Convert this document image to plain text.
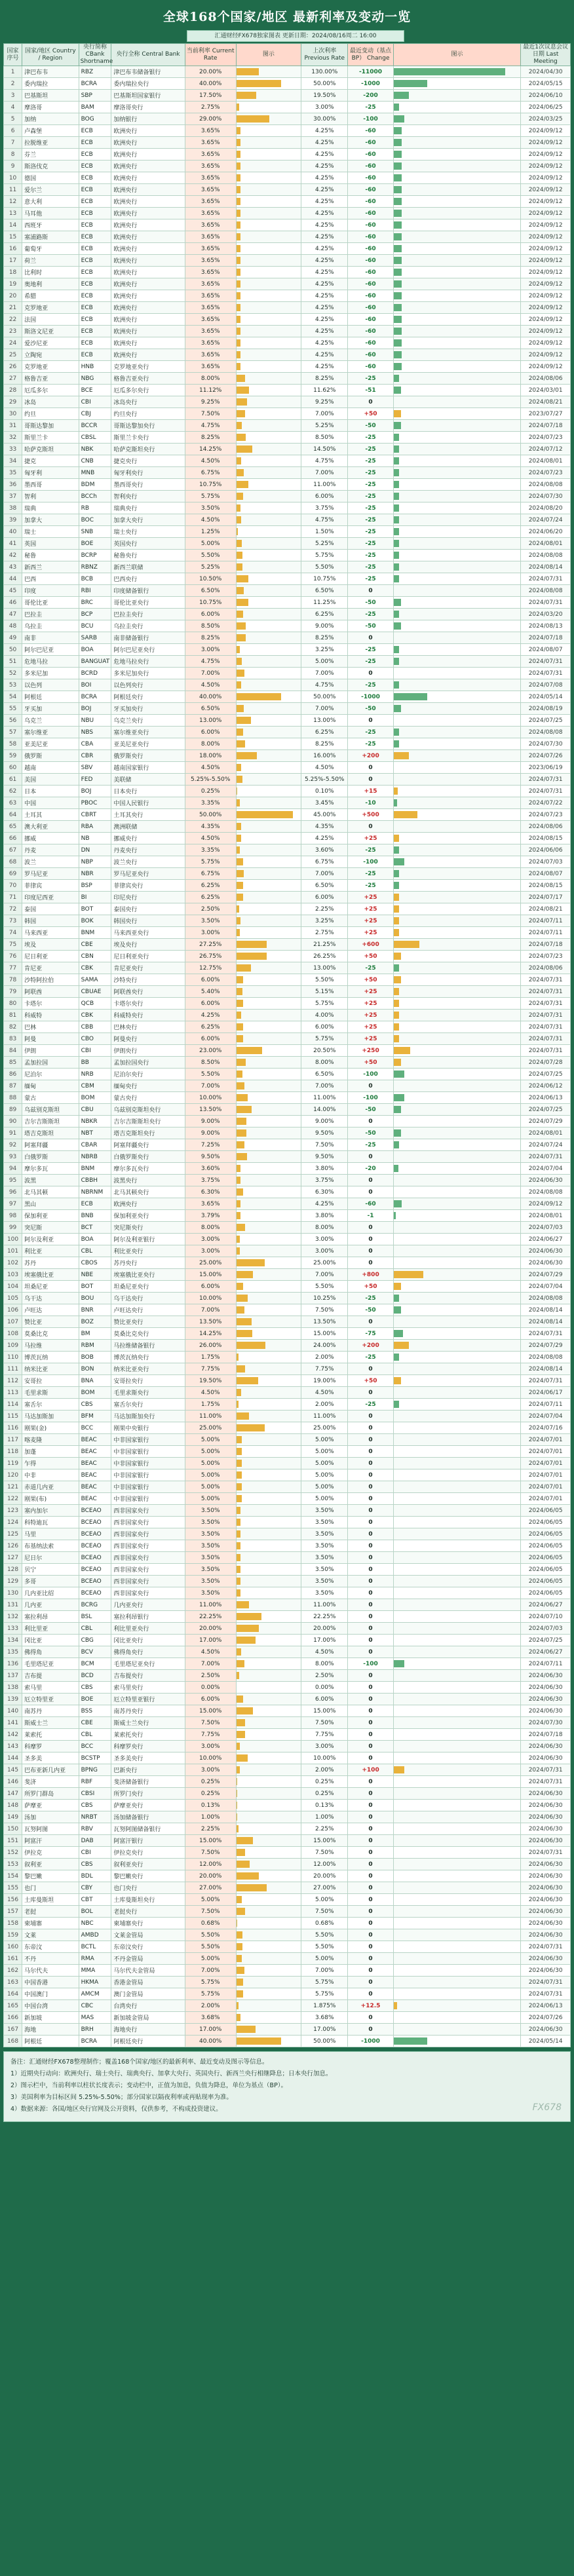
全球168个国家/地区 最新利率及变动一览
汇通财经FX678独家图表 更新日期：2024/08/16周二 16:00
国家序号	国家/地区 Country / Region	央行简称 CBank Shortname	央行全称 Central Bank	当前利率 Current Rate	图示	上次利率 Previous Rate	最近变动（基点 BP） Change	图示	最近1次议息会议日期 Last Meeting
1	津巴布韦	RBZ	津巴布韦储备银行	20.00%		130.00%	-11000		2024/04/30
2	委内瑞拉	BCRA	委内瑞拉央行	40.00%		50.00%	-1000		2024/05/15
3	巴基斯坦	SBP	巴基斯坦国家银行	17.50%		19.50%	-200		2024/06/10
4	摩洛哥	BAM	摩洛哥央行	2.75%		3.00%	-25		2024/06/25
5	加纳	BOG	加纳银行	29.00%		30.00%	-100		2024/03/25
6	卢森堡	ECB	欧洲央行	3.65%		4.25%	-60		2024/09/12
7	拉脱维亚	ECB	欧洲央行	3.65%		4.25%	-60		2024/09/12
8	芬兰	ECB	欧洲央行	3.65%		4.25%	-60		2024/09/12
9	斯洛伐克	ECB	欧洲央行	3.65%		4.25%	-60		2024/09/12
10	德国	ECB	欧洲央行	3.65%		4.25%	-60		2024/09/12
11	爱尔兰	ECB	欧洲央行	3.65%		4.25%	-60		2024/09/12
12	意大利	ECB	欧洲央行	3.65%		4.25%	-60		2024/09/12
13	马耳他	ECB	欧洲央行	3.65%		4.25%	-60		2024/09/12
14	西班牙	ECB	欧洲央行	3.65%		4.25%	-60		2024/09/12
15	塞浦路斯	ECB	欧洲央行	3.65%		4.25%	-60		2024/09/12
16	葡萄牙	ECB	欧洲央行	3.65%		4.25%	-60		2024/09/12
17	荷兰	ECB	欧洲央行	3.65%		4.25%	-60		2024/09/12
18	比利时	ECB	欧洲央行	3.65%		4.25%	-60		2024/09/12
19	奥地利	ECB	欧洲央行	3.65%		4.25%	-60		2024/09/12
20	希腊	ECB	欧洲央行	3.65%		4.25%	-60		2024/09/12
21	克罗地亚	ECB	欧洲央行	3.65%		4.25%	-60		2024/09/12
22	法国	ECB	欧洲央行	3.65%		4.25%	-60		2024/09/12
23	斯洛文尼亚	ECB	欧洲央行	3.65%		4.25%	-60		2024/09/12
24	爱沙尼亚	ECB	欧洲央行	3.65%		4.25%	-60		2024/09/12
25	立陶宛	ECB	欧洲央行	3.65%		4.25%	-60		2024/09/12
26	克罗地亚	HNB	克罗地亚央行	3.65%		4.25%	-60		2024/09/12
27	格鲁吉亚	NBG	格鲁吉亚央行	8.00%		8.25%	-25		2024/08/06
28	厄瓜多尔	BCE	厄瓜多尔央行	11.12%		11.62%	-51		2024/03/01
29	冰岛	CBI	冰岛央行	9.25%		9.25%	0		2024/08/21
30	约旦	CBJ	约旦央行	7.50%		7.00%	+50		2023/07/27
31	哥斯达黎加	BCCR	哥斯达黎加央行	4.75%		5.25%	-50		2024/07/18
32	斯里兰卡	CBSL	斯里兰卡央行	8.25%		8.50%	-25		2024/07/23
33	哈萨克斯坦	NBK	哈萨克斯坦央行	14.25%		14.50%	-25		2024/07/12
34	捷克	CNB	捷克央行	4.50%		4.75%	-25		2024/08/01
35	匈牙利	MNB	匈牙利央行	6.75%		7.00%	-25		2024/07/23
36	墨西哥	BDM	墨西哥央行	10.75%		11.00%	-25		2024/08/08
37	智利	BCCh	智利央行	5.75%		6.00%	-25		2024/07/30
38	瑞典	RB	瑞典央行	3.50%		3.75%	-25		2024/08/20
39	加拿大	BOC	加拿大央行	4.50%		4.75%	-25		2024/07/24
40	瑞士	SNB	瑞士央行	1.25%		1.50%	-25		2024/06/20
41	英国	BOE	英国央行	5.00%		5.25%	-25		2024/08/01
42	秘鲁	BCRP	秘鲁央行	5.50%		5.75%	-25		2024/08/08
43	新西兰	RBNZ	新西兰联储	5.25%		5.50%	-25		2024/08/14
44	巴西	BCB	巴西央行	10.50%		10.75%	-25		2024/07/31
45	印度	RBI	印度储备银行	6.50%		6.50%	0		2024/08/08
46	哥伦比亚	BRC	哥伦比亚央行	10.75%		11.25%	-50		2024/07/31
47	巴拉圭	BCP	巴拉圭央行	6.00%		6.25%	-25		2024/03/20
48	乌拉圭	BCU	乌拉圭央行	8.50%		9.00%	-50		2024/08/13
49	南非	SARB	南非储备银行	8.25%		8.25%	0		2024/07/18
50	阿尔巴尼亚	BOA	阿尔巴尼亚央行	3.00%		3.25%	-25		2024/08/07
51	危地马拉	BANGUAT	危地马拉央行	4.75%		5.00%	-25		2024/07/31
52	多米尼加	BCRD	多米尼加央行	7.00%		7.00%	0		2024/07/31
53	以色列	BOI	以色列央行	4.50%		4.75%	-25		2024/07/08
54	阿根廷	BCRA	阿根廷央行	40.00%		50.00%	-1000		2024/05/14
55	牙买加	BOJ	牙买加央行	6.50%		7.00%	-50		2024/08/19
56	乌克兰	NBU	乌克兰央行	13.00%		13.00%	0		2024/07/25
57	塞尔维亚	NBS	塞尔维亚央行	6.00%		6.25%	-25		2024/08/08
58	亚美尼亚	CBA	亚美尼亚央行	8.00%		8.25%	-25		2024/07/30
59	俄罗斯	CBR	俄罗斯央行	18.00%		16.00%	+200		2024/07/26
60	越南	SBV	越南国家银行	4.50%		4.50%	0		2023/06/19
61	美国	FED	美联储	5.25%-5.50%		5.25%-5.50%	0		2024/07/31
62	日本	BOJ	日本央行	0.25%		0.10%	+15		2024/07/31
63	中国	PBOC	中国人民银行	3.35%		3.45%	-10		2024/07/22
64	土耳其	CBRT	土耳其央行	50.00%		45.00%	+500		2024/07/23
65	澳大利亚	RBA	澳洲联储	4.35%		4.35%	0		2024/08/06
66	挪威	NB	挪威央行	4.50%		4.25%	+25		2024/08/15
67	丹麦	DN	丹麦央行	3.35%		3.60%	-25		2024/06/06
68	波兰	NBP	波兰央行	5.75%		6.75%	-100		2024/07/03
69	罗马尼亚	NBR	罗马尼亚央行	6.75%		7.00%	-25		2024/08/07
70	菲律宾	BSP	菲律宾央行	6.25%		6.50%	-25		2024/08/15
71	印度尼西亚	BI	印尼央行	6.25%		6.00%	+25		2024/07/17
72	泰国	BOT	泰国央行	2.50%		2.25%	+25		2024/08/21
73	韩国	BOK	韩国央行	3.50%		3.25%	+25		2024/07/11
74	马来西亚	BNM	马来西亚央行	3.00%		2.75%	+25		2024/07/11
75	埃及	CBE	埃及央行	27.25%		21.25%	+600		2024/07/18
76	尼日利亚	CBN	尼日利亚央行	26.75%		26.25%	+50		2024/07/23
77	肯尼亚	CBK	肯尼亚央行	12.75%		13.00%	-25		2024/08/06
78	沙特阿拉伯	SAMA	沙特央行	6.00%		5.50%	+50		2024/07/31
79	阿联酋	CBUAE	阿联酋央行	5.40%		5.15%	+25		2024/07/31
80	卡塔尔	QCB	卡塔尔央行	6.00%		5.75%	+25		2024/07/31
81	科威特	CBK	科威特央行	4.25%		4.00%	+25		2024/07/31
82	巴林	CBB	巴林央行	6.25%		6.00%	+25		2024/07/31
83	阿曼	CBO	阿曼央行	6.00%		5.75%	+25		2024/07/31
84	伊朗	CBI	伊朗央行	23.00%		20.50%	+250		2024/07/31
85	孟加拉国	BB	孟加拉国央行	8.50%		8.00%	+50		2024/07/28
86	尼泊尔	NRB	尼泊尔央行	5.50%		6.50%	-100		2024/07/25
87	缅甸	CBM	缅甸央行	7.00%		7.00%	0		2024/06/12
88	蒙古	BOM	蒙古央行	10.00%		11.00%	-100		2024/06/13
89	乌兹别克斯坦	CBU	乌兹别克斯坦央行	13.50%		14.00%	-50		2024/07/25
90	吉尔吉斯斯坦	NBKR	吉尔吉斯斯坦央行	9.00%		9.00%	0		2024/07/29
91	塔吉克斯坦	NBT	塔吉克斯坦央行	9.00%		9.50%	-50		2024/08/01
92	阿塞拜疆	CBAR	阿塞拜疆央行	7.25%		7.50%	-25		2024/07/24
93	白俄罗斯	NBRB	白俄罗斯央行	9.50%		9.50%	0		2024/07/31
94	摩尔多瓦	BNM	摩尔多瓦央行	3.60%		3.80%	-20		2024/07/04
95	波黑	CBBH	波黑央行	3.75%		3.75%	0		2024/06/30
96	北马其顿	NBRNM	北马其顿央行	6.30%		6.30%	0		2024/08/08
97	黑山	ECB	欧洲央行	3.65%		4.25%	-60		2024/09/12
98	保加利亚	BNB	保加利亚央行	3.79%		3.80%	-1		2024/08/01
99	突尼斯	BCT	突尼斯央行	8.00%		8.00%	0		2024/07/03
100	阿尔及利亚	BOA	阿尔及利亚银行	3.00%		3.00%	0		2024/06/27
101	利比亚	CBL	利比亚央行	3.00%		3.00%	0		2024/06/30
102	苏丹	CBOS	苏丹央行	25.00%		25.00%	0		2024/06/30
103	埃塞俄比亚	NBE	埃塞俄比亚央行	15.00%		7.00%	+800		2024/07/29
104	坦桑尼亚	BOT	坦桑尼亚央行	6.00%		5.50%	+50		2024/07/04
105	乌干达	BOU	乌干达央行	10.00%		10.25%	-25		2024/08/08
106	卢旺达	BNR	卢旺达央行	7.00%		7.50%	-50		2024/08/14
107	赞比亚	BOZ	赞比亚央行	13.50%		13.50%	0		2024/08/14
108	莫桑比克	BM	莫桑比克央行	14.25%		15.00%	-75		2024/07/31
109	马拉维	RBM	马拉维储备银行	26.00%		24.00%	+200		2024/07/29
110	博茨瓦纳	BOB	博茨瓦纳央行	1.75%		2.00%	-25		2024/08/08
111	纳米比亚	BON	纳米比亚央行	7.75%		7.75%	0		2024/08/14
112	安哥拉	BNA	安哥拉央行	19.50%		19.00%	+50		2024/07/31
113	毛里求斯	BOM	毛里求斯央行	4.50%		4.50%	0		2024/06/17
114	塞舌尔	CBS	塞舌尔央行	1.75%		2.00%	-25		2024/07/11
115	马达加斯加	BFM	马达加斯加央行	11.00%		11.00%	0		2024/07/04
116	刚果(金)	BCC	刚果中央银行	25.00%		25.00%	0		2024/07/16
117	喀麦隆	BEAC	中非国家银行	5.00%		5.00%	0		2024/07/01
118	加蓬	BEAC	中非国家银行	5.00%		5.00%	0		2024/07/01
119	乍得	BEAC	中非国家银行	5.00%		5.00%	0		2024/07/01
120	中非	BEAC	中非国家银行	5.00%		5.00%	0		2024/07/01
121	赤道几内亚	BEAC	中非国家银行	5.00%		5.00%	0		2024/07/01
122	刚果(布)	BEAC	中非国家银行	5.00%		5.00%	0		2024/07/01
123	塞内加尔	BCEAO	西非国家央行	3.50%		3.50%	0		2024/06/05
124	科特迪瓦	BCEAO	西非国家央行	3.50%		3.50%	0		2024/06/05
125	马里	BCEAO	西非国家央行	3.50%		3.50%	0		2024/06/05
126	布基纳法索	BCEAO	西非国家央行	3.50%		3.50%	0		2024/06/05
127	尼日尔	BCEAO	西非国家央行	3.50%		3.50%	0		2024/06/05
128	贝宁	BCEAO	西非国家央行	3.50%		3.50%	0		2024/06/05
129	多哥	BCEAO	西非国家央行	3.50%		3.50%	0		2024/06/05
130	几内亚比绍	BCEAO	西非国家央行	3.50%		3.50%	0		2024/06/05
131	几内亚	BCRG	几内亚央行	11.00%		11.00%	0		2024/06/27
132	塞拉利昂	BSL	塞拉利昂银行	22.25%		22.25%	0		2024/07/10
133	利比里亚	CBL	利比里亚央行	20.00%		20.00%	0		2024/07/03
134	冈比亚	CBG	冈比亚央行	17.00%		17.00%	0		2024/07/25
135	佛得角	BCV	佛得角央行	4.50%		4.50%	0		2024/06/27
136	毛里塔尼亚	BCM	毛里塔尼亚央行	7.00%		8.00%	-100		2024/07/11
137	吉布提	BCD	吉布提央行	2.50%		2.50%	0		2024/06/30
138	索马里	CBS	索马里央行	0.00%		0.00%	0		2024/06/30
139	厄立特里亚	BOE	厄立特里亚银行	6.00%		6.00%	0		2024/06/30
140	南苏丹	BSS	南苏丹央行	15.00%		15.00%	0		2024/06/30
141	斯威士兰	CBE	斯威士兰央行	7.50%		7.50%	0		2024/07/30
142	莱索托	CBL	莱索托央行	7.75%		7.75%	0		2024/07/18
143	科摩罗	BCC	科摩罗央行	3.00%		3.00%	0		2024/06/30
144	圣多美	BCSTP	圣多美央行	10.00%		10.00%	0		2024/06/30
145	巴布亚新几内亚	BPNG	巴新央行	3.00%		2.00%	+100		2024/07/31
146	斐济	RBF	斐济储备银行	0.25%		0.25%	0		2024/07/31
147	所罗门群岛	CBSI	所罗门央行	0.25%		0.25%	0		2024/06/30
148	萨摩亚	CBS	萨摩亚央行	0.13%		0.13%	0		2024/06/30
149	汤加	NRBT	汤加储备银行	1.00%		1.00%	0		2024/06/30
150	瓦努阿图	RBV	瓦努阿图储备银行	2.25%		2.25%	0		2024/06/30
151	阿富汗	DAB	阿富汗银行	15.00%		15.00%	0		2024/06/30
152	伊拉克	CBI	伊拉克央行	7.50%		7.50%	0		2024/07/31
153	叙利亚	CBS	叙利亚央行	12.00%		12.00%	0		2024/06/30
154	黎巴嫩	BDL	黎巴嫩央行	20.00%		20.00%	0		2024/06/30
155	也门	CBY	也门央行	27.00%		27.00%	0		2024/06/30
156	土库曼斯坦	CBT	土库曼斯坦央行	5.00%		5.00%	0		2024/06/30
157	老挝	BOL	老挝央行	7.50%		7.50%	0		2024/06/30
158	柬埔寨	NBC	柬埔寨央行	0.68%		0.68%	0		2024/06/30
159	文莱	AMBD	文莱金管局	5.50%		5.50%	0		2024/06/30
160	东帝汶	BCTL	东帝汶央行	5.50%		5.50%	0		2024/07/31
161	不丹	RMA	不丹金管局	5.00%		5.00%	0		2024/06/30
162	马尔代夫	MMA	马尔代夫金管局	7.00%		7.00%	0		2024/06/30
163	中国香港	HKMA	香港金管局	5.75%		5.75%	0		2024/07/31
164	中国澳门	AMCM	澳门金管局	5.75%		5.75%	0		2024/07/31
165	中国台湾	CBC	台湾央行	2.00%		1.875%	+12.5		2024/06/13
166	新加坡	MAS	新加坡金管局	3.68%		3.68%	0		2024/07/26
167	海地	BRH	海地央行	17.00%		17.00%	0		2024/06/30
168	阿根廷	BCRA	阿根廷央行	40.00%		50.00%	-1000		2024/05/14

备注：汇通财经FX678整理制作；覆盖168个国家/地区的最新利率、最近变动及图示等信息。

1）近期央行动向：欧洲央行、瑞士央行、瑞典央行、加拿大央行、英国央行、新西兰央行相继降息；日本央行加息。

2）图示栏中，当前利率以柱状长度表示；变动栏中，正值为加息，负值为降息，单位为基点（BP）。

3）美国利率为目标区间 5.25%-5.50%；部分国家以隔夜利率或再贴现率为准。

4）数据来源：各国/地区央行官网及公开资料，仅供参考，不构成投资建议。	FX678
